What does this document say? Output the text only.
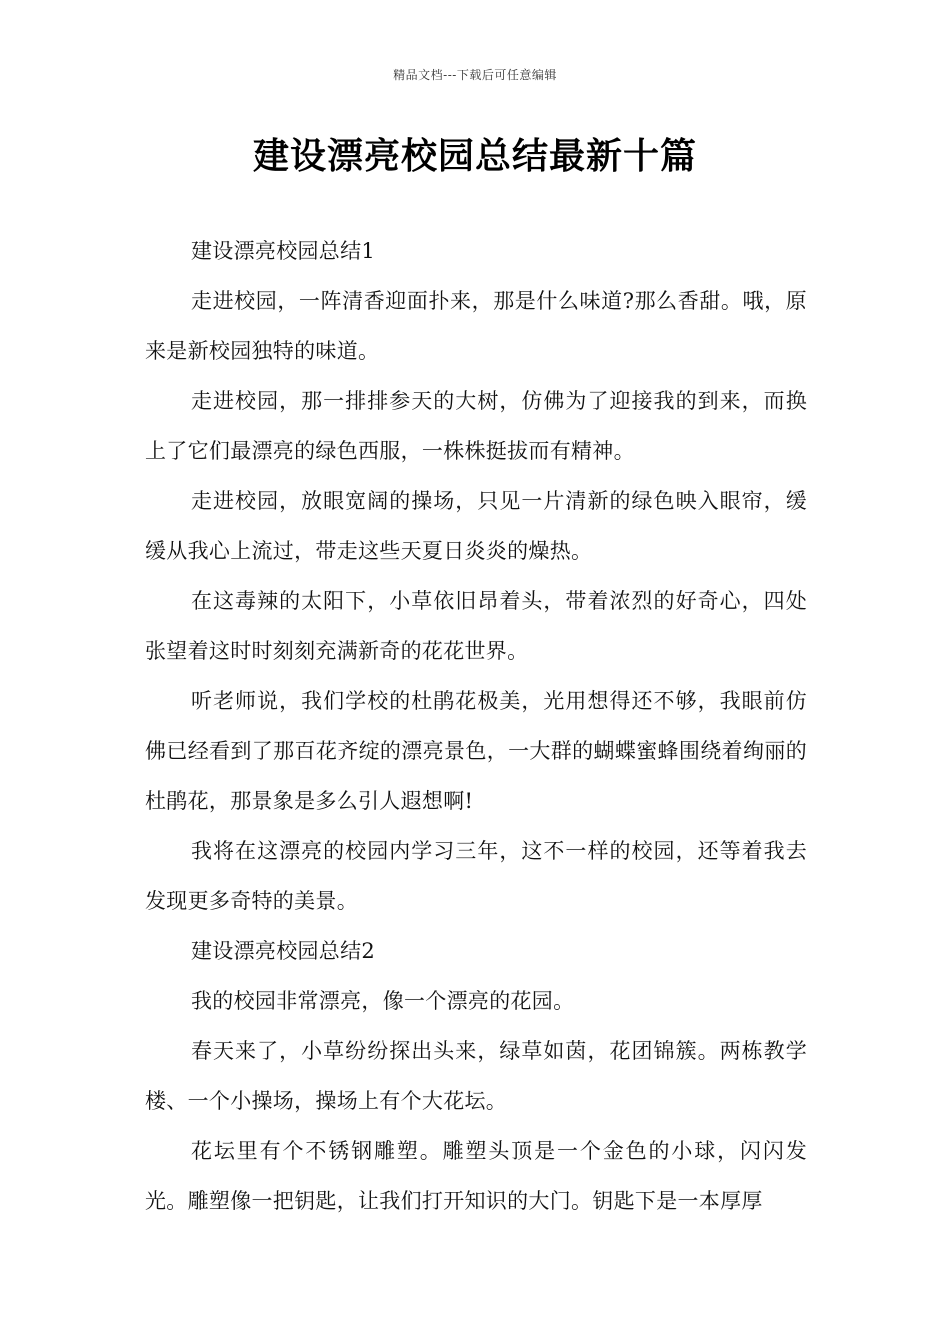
精品文档---下载后可任意编辑
建设漂亮校园总结最新十篇

建设漂亮校园总结1

走进校园，一阵清香迎面扑来，那是什么味道?那么香甜。哦，原来是新校园独特的味道。

走进校园，那一排排参天的大树，仿佛为了迎接我的到来，而换上了它们最漂亮的绿色西服，一株株挺拔而有精神。

走进校园，放眼宽阔的操场，只见一片清新的绿色映入眼帘，缓缓从我心上流过，带走这些天夏日炎炎的燥热。

在这毒辣的太阳下，小草依旧昂着头，带着浓烈的好奇心，四处张望着这时时刻刻充满新奇的花花世界。

听老师说，我们学校的杜鹃花极美，光用想得还不够，我眼前仿佛已经看到了那百花齐绽的漂亮景色，一大群的蝴蝶蜜蜂围绕着绚丽的杜鹃花，那景象是多么引人遐想啊!

我将在这漂亮的校园内学习三年，这不一样的校园，还等着我去发现更多奇特的美景。

建设漂亮校园总结2

我的校园非常漂亮，像一个漂亮的花园。

春天来了，小草纷纷探出头来，绿草如茵，花团锦簇。两栋教学楼、一个小操场，操场上有个大花坛。

花坛里有个不锈钢雕塑。雕塑头顶是一个金色的小球，闪闪发光。雕塑像一把钥匙，让我们打开知识的大门。钥匙下是一本厚厚
